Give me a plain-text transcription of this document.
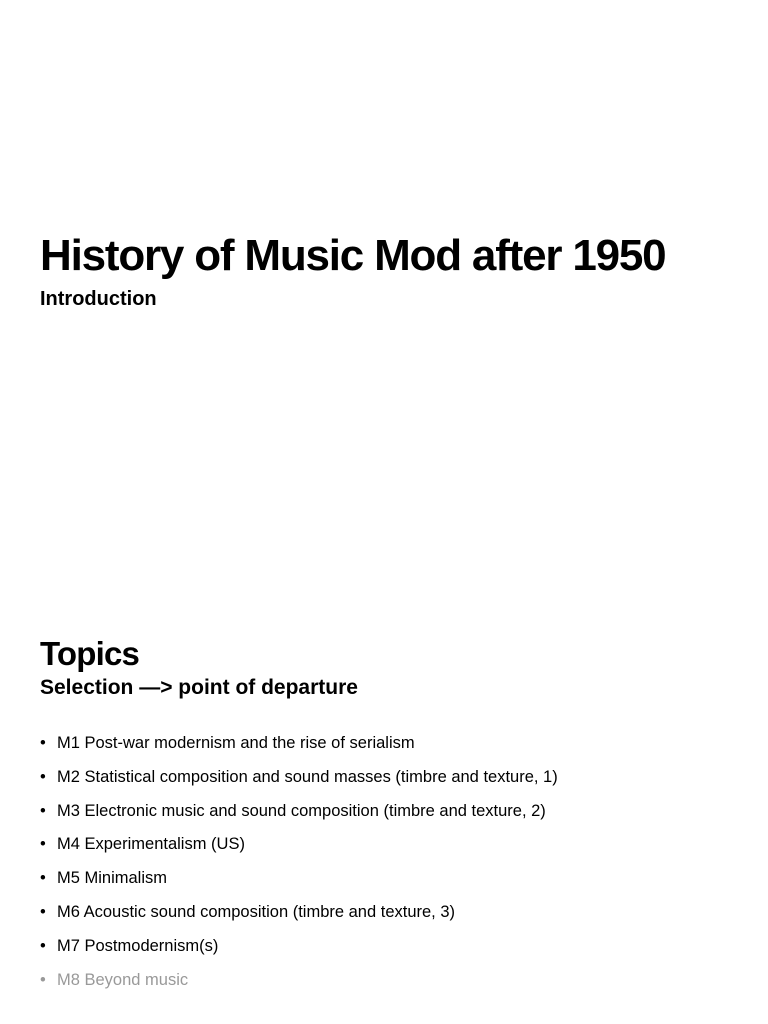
History of Music Mod after 1950
Introduction
Topics
Selection —> point of departure
• M1 Post-war modernism and the rise of serialism
• M2 Statistical composition and sound masses (timbre and texture, 1)
• M3 Electronic music and sound composition (timbre and texture, 2)
• M4 Experimentalism (US)
• M5 Minimalism
• M6 Acoustic sound composition (timbre and texture, 3)
• M7 Postmodernism(s)
• M8 Beyond music
